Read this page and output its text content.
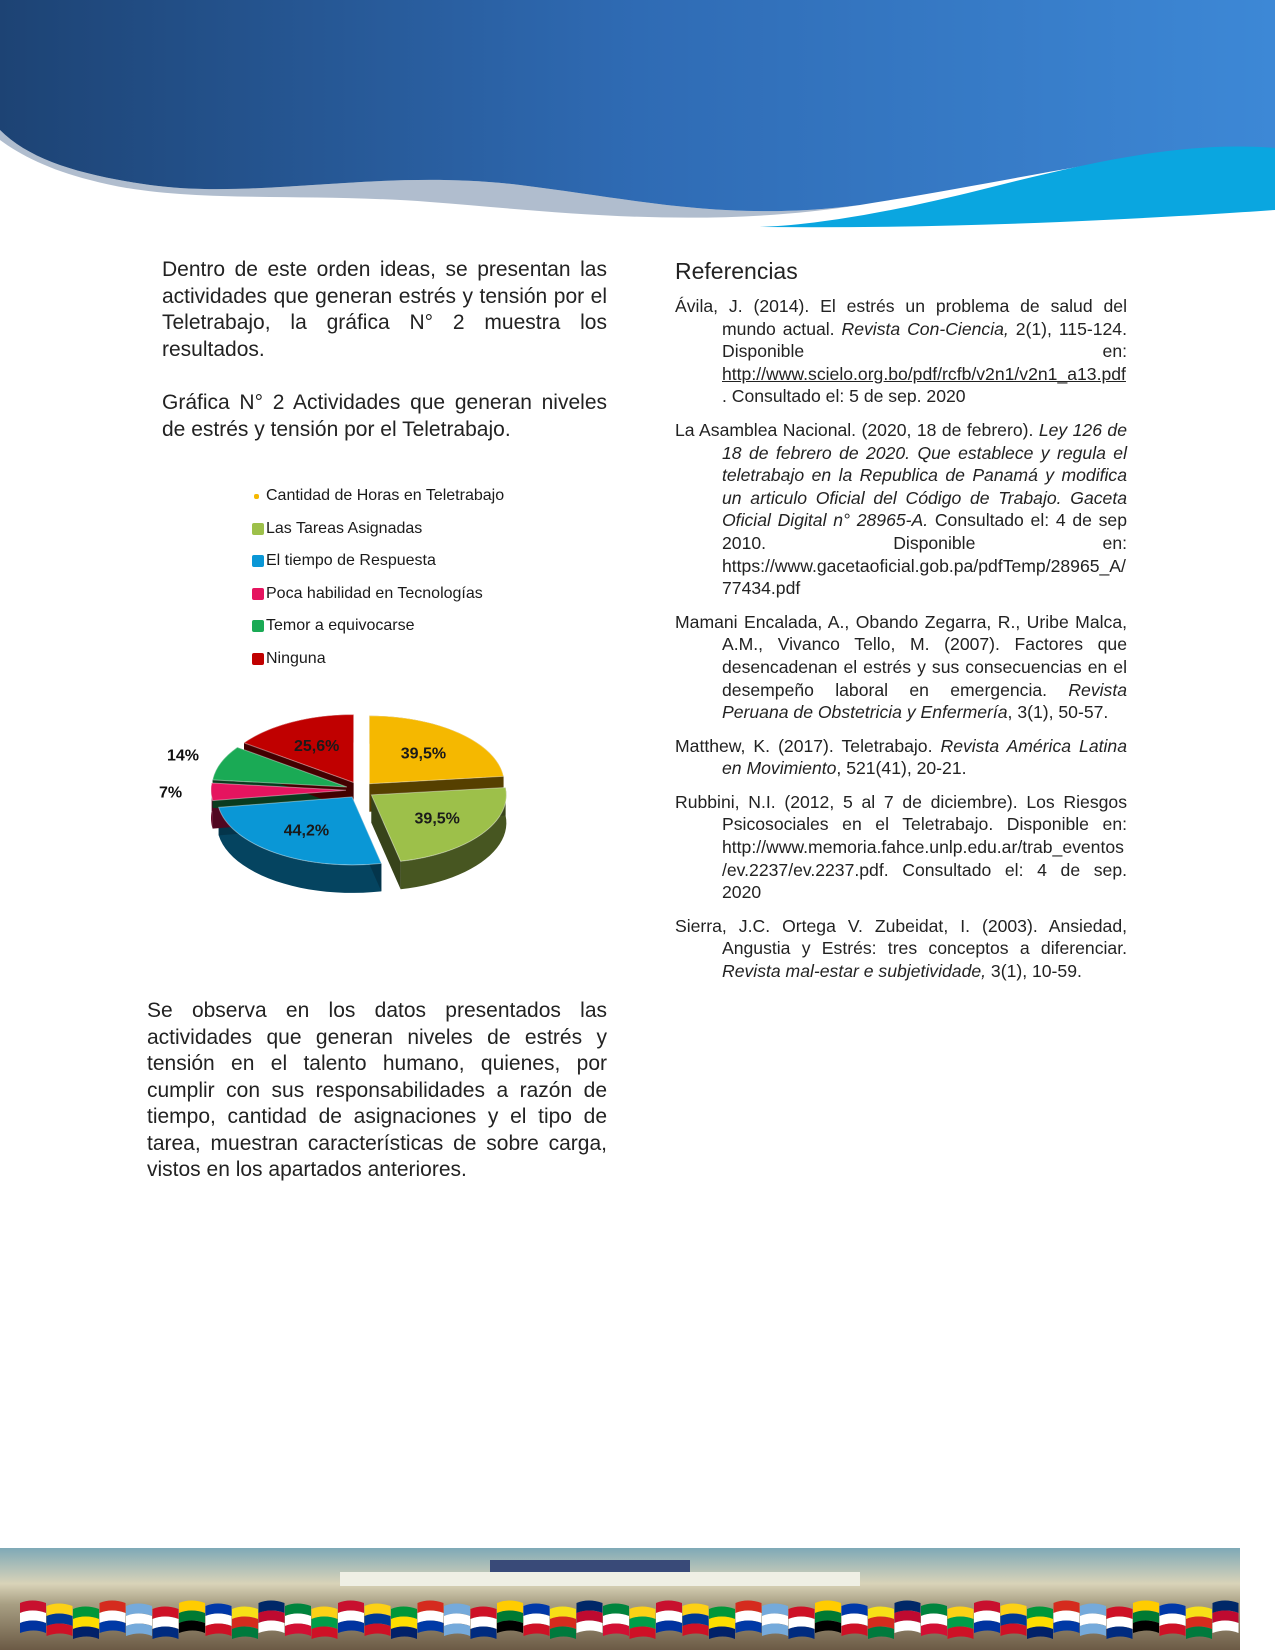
Dentro de este orden ideas, se presentan las actividades que generan estrés y tensión por el Teletrabajo, la gráfica N° 2 muestra los resultados.

Gráfica N° 2 Actividades que generan niveles de estrés y tensión por el Teletrabajo.

Cantidad de Horas en Teletrabajo
Las Tareas Asignadas
El tiempo de Respuesta
Poca habilidad en Tecnologías
Temor a equivocarse
Ninguna
39,5%
39,5%
44,2%
7%
14%
25,6%

Se observa en los datos presentados las actividades que generan niveles de estrés y tensión en el talento humano, quienes, por cumplir con sus responsabilidades a razón de tiempo, cantidad de asignaciones y el tipo de tarea, muestran características de sobre carga, vistos en los apartados anteriores.

Referencias

Ávila, J. (2014). El estrés un problema de salud del mundo actual. Revista Con-Ciencia, 2(1), 115-124. Disponible en: http://www.scielo.org.bo/pdf/rcfb/v2n1/v2n1_a13.pdf. Consultado el: 5 de sep. 2020

La Asamblea Nacional. (2020, 18 de febrero). Ley 126 de 18 de febrero de 2020. Que establece y regula el teletrabajo en la Republica de Panamá y modifica un articulo Oficial del Código de Trabajo. Gaceta Oficial Digital n° 28965-A. Consultado el: 4 de sep 2010. Disponible en: https://www.gacetaoficial.gob.pa/pdfTemp/28965_A/77434.pdf

Mamani Encalada, A., Obando Zegarra, R., Uribe Malca, A.M., Vivanco Tello, M. (2007). Factores que desencadenan el estrés y sus consecuencias en el desempeño laboral en emergencia. Revista Peruana de Obstetricia y Enfermería, 3(1), 50-57.

Matthew, K. (2017). Teletrabajo. Revista América Latina en Movimiento, 521(41), 20-21.

Rubbini, N.I. (2012, 5 al 7 de diciembre). Los Riesgos Psicosociales en el Teletrabajo. Disponible en: http://www.memoria.fahce.unlp.edu.ar/trab_eventos/ev.2237/ev.2237.pdf. Consultado el: 4 de sep. 2020

Sierra, J.C. Ortega V. Zubeidat, I. (2003). Ansiedad, Angustia y Estrés: tres conceptos a diferenciar. Revista mal-estar e subjetividade, 3(1), 10-59.
